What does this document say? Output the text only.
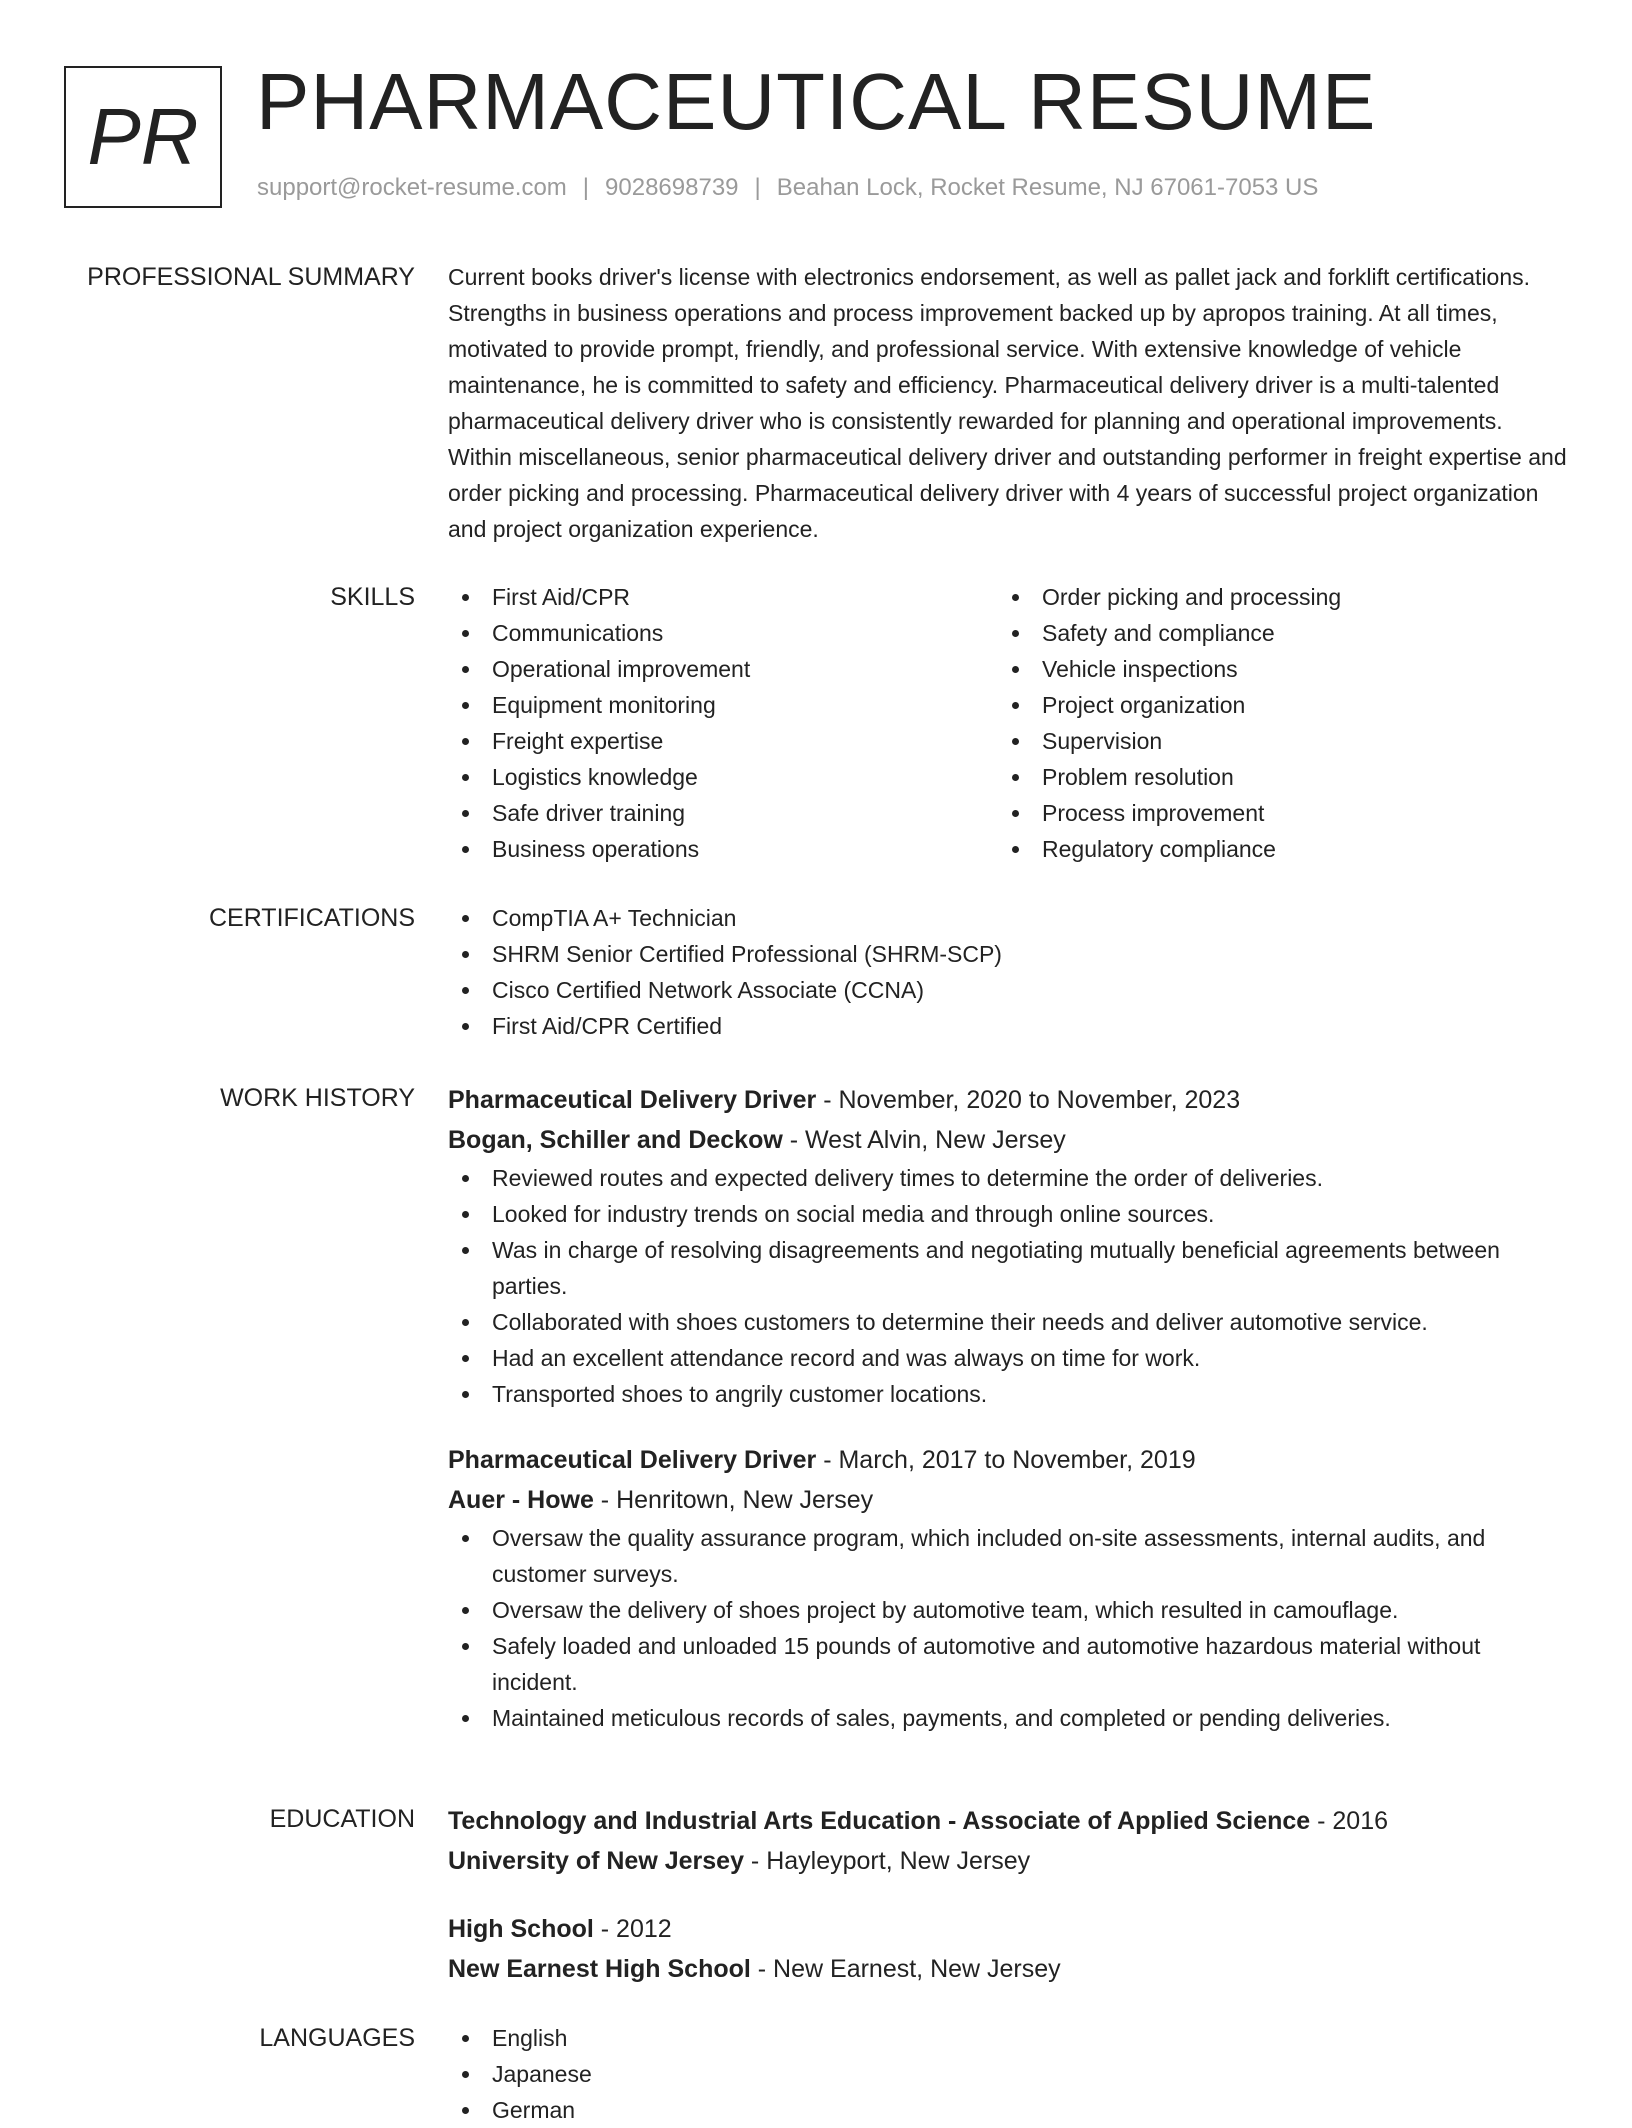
PR PHARMACEUTICAL RESUME
support@rocket-resume.com | 9028698739 | Beahan Lock, Rocket Resume, NJ 67061-7053 US
PROFESSIONAL SUMMARY Current books driver's license with electronics endorsement, as well as pallet jack and forklift certifications. Strengths in business operations and process improvement backed up by apropos training. At all times, motivated to provide prompt, friendly, and professional service. With extensive knowledge of vehicle maintenance, he is committed to safety and efficiency. Pharmaceutical delivery driver is a multi-talented pharmaceutical delivery driver who is consistently rewarded for planning and operational improvements. Within miscellaneous, senior pharmaceutical delivery driver and outstanding performer in freight expertise and order picking and processing. Pharmaceutical delivery driver with 4 years of successful project organization and project organization experience.

SKILLS	First Aid/CPR
Communications
Operational improvement
Equipment monitoring
Freight expertise
Logistics knowledge
Safe driver training
Business operations
Order picking and processing
Safety and compliance
Vehicle inspections
Project organization
Supervision
Problem resolution
Process improvement
Regulatory compliance
CERTIFICATIONS	CompTIA A+ Technician
SHRM Senior Certified Professional (SHRM-SCP)
Cisco Certified Network Associate (CCNA)
First Aid/CPR Certified
WORK HISTORY Pharmaceutical Delivery Driver - November, 2020 to November, 2023
Bogan, Schiller and Deckow - West Alvin, New Jersey
Reviewed routes and expected delivery times to determine the order of deliveries.
Looked for industry trends on social media and through online sources.
Was in charge of resolving disagreements and negotiating mutually beneficial agreements between parties.
Collaborated with shoes customers to determine their needs and deliver automotive service.
Had an excellent attendance record and was always on time for work.
Transported shoes to angrily customer locations.
Pharmaceutical Delivery Driver - March, 2017 to November, 2019
Auer - Howe - Henritown, New Jersey
Oversaw the quality assurance program, which included on-site assessments, internal audits, and customer surveys.
Oversaw the delivery of shoes project by automotive team, which resulted in camouflage.
Safely loaded and unloaded 15 pounds of automotive and automotive hazardous material without incident.
Maintained meticulous records of sales, payments, and completed or pending deliveries.
EDUCATION Technology and Industrial Arts Education - Associate of Applied Science - 2016
University of New Jersey - Hayleyport, New Jersey
High School - 2012
New Earnest High School - New Earnest, New Jersey
LANGUAGES	English
Japanese
German
